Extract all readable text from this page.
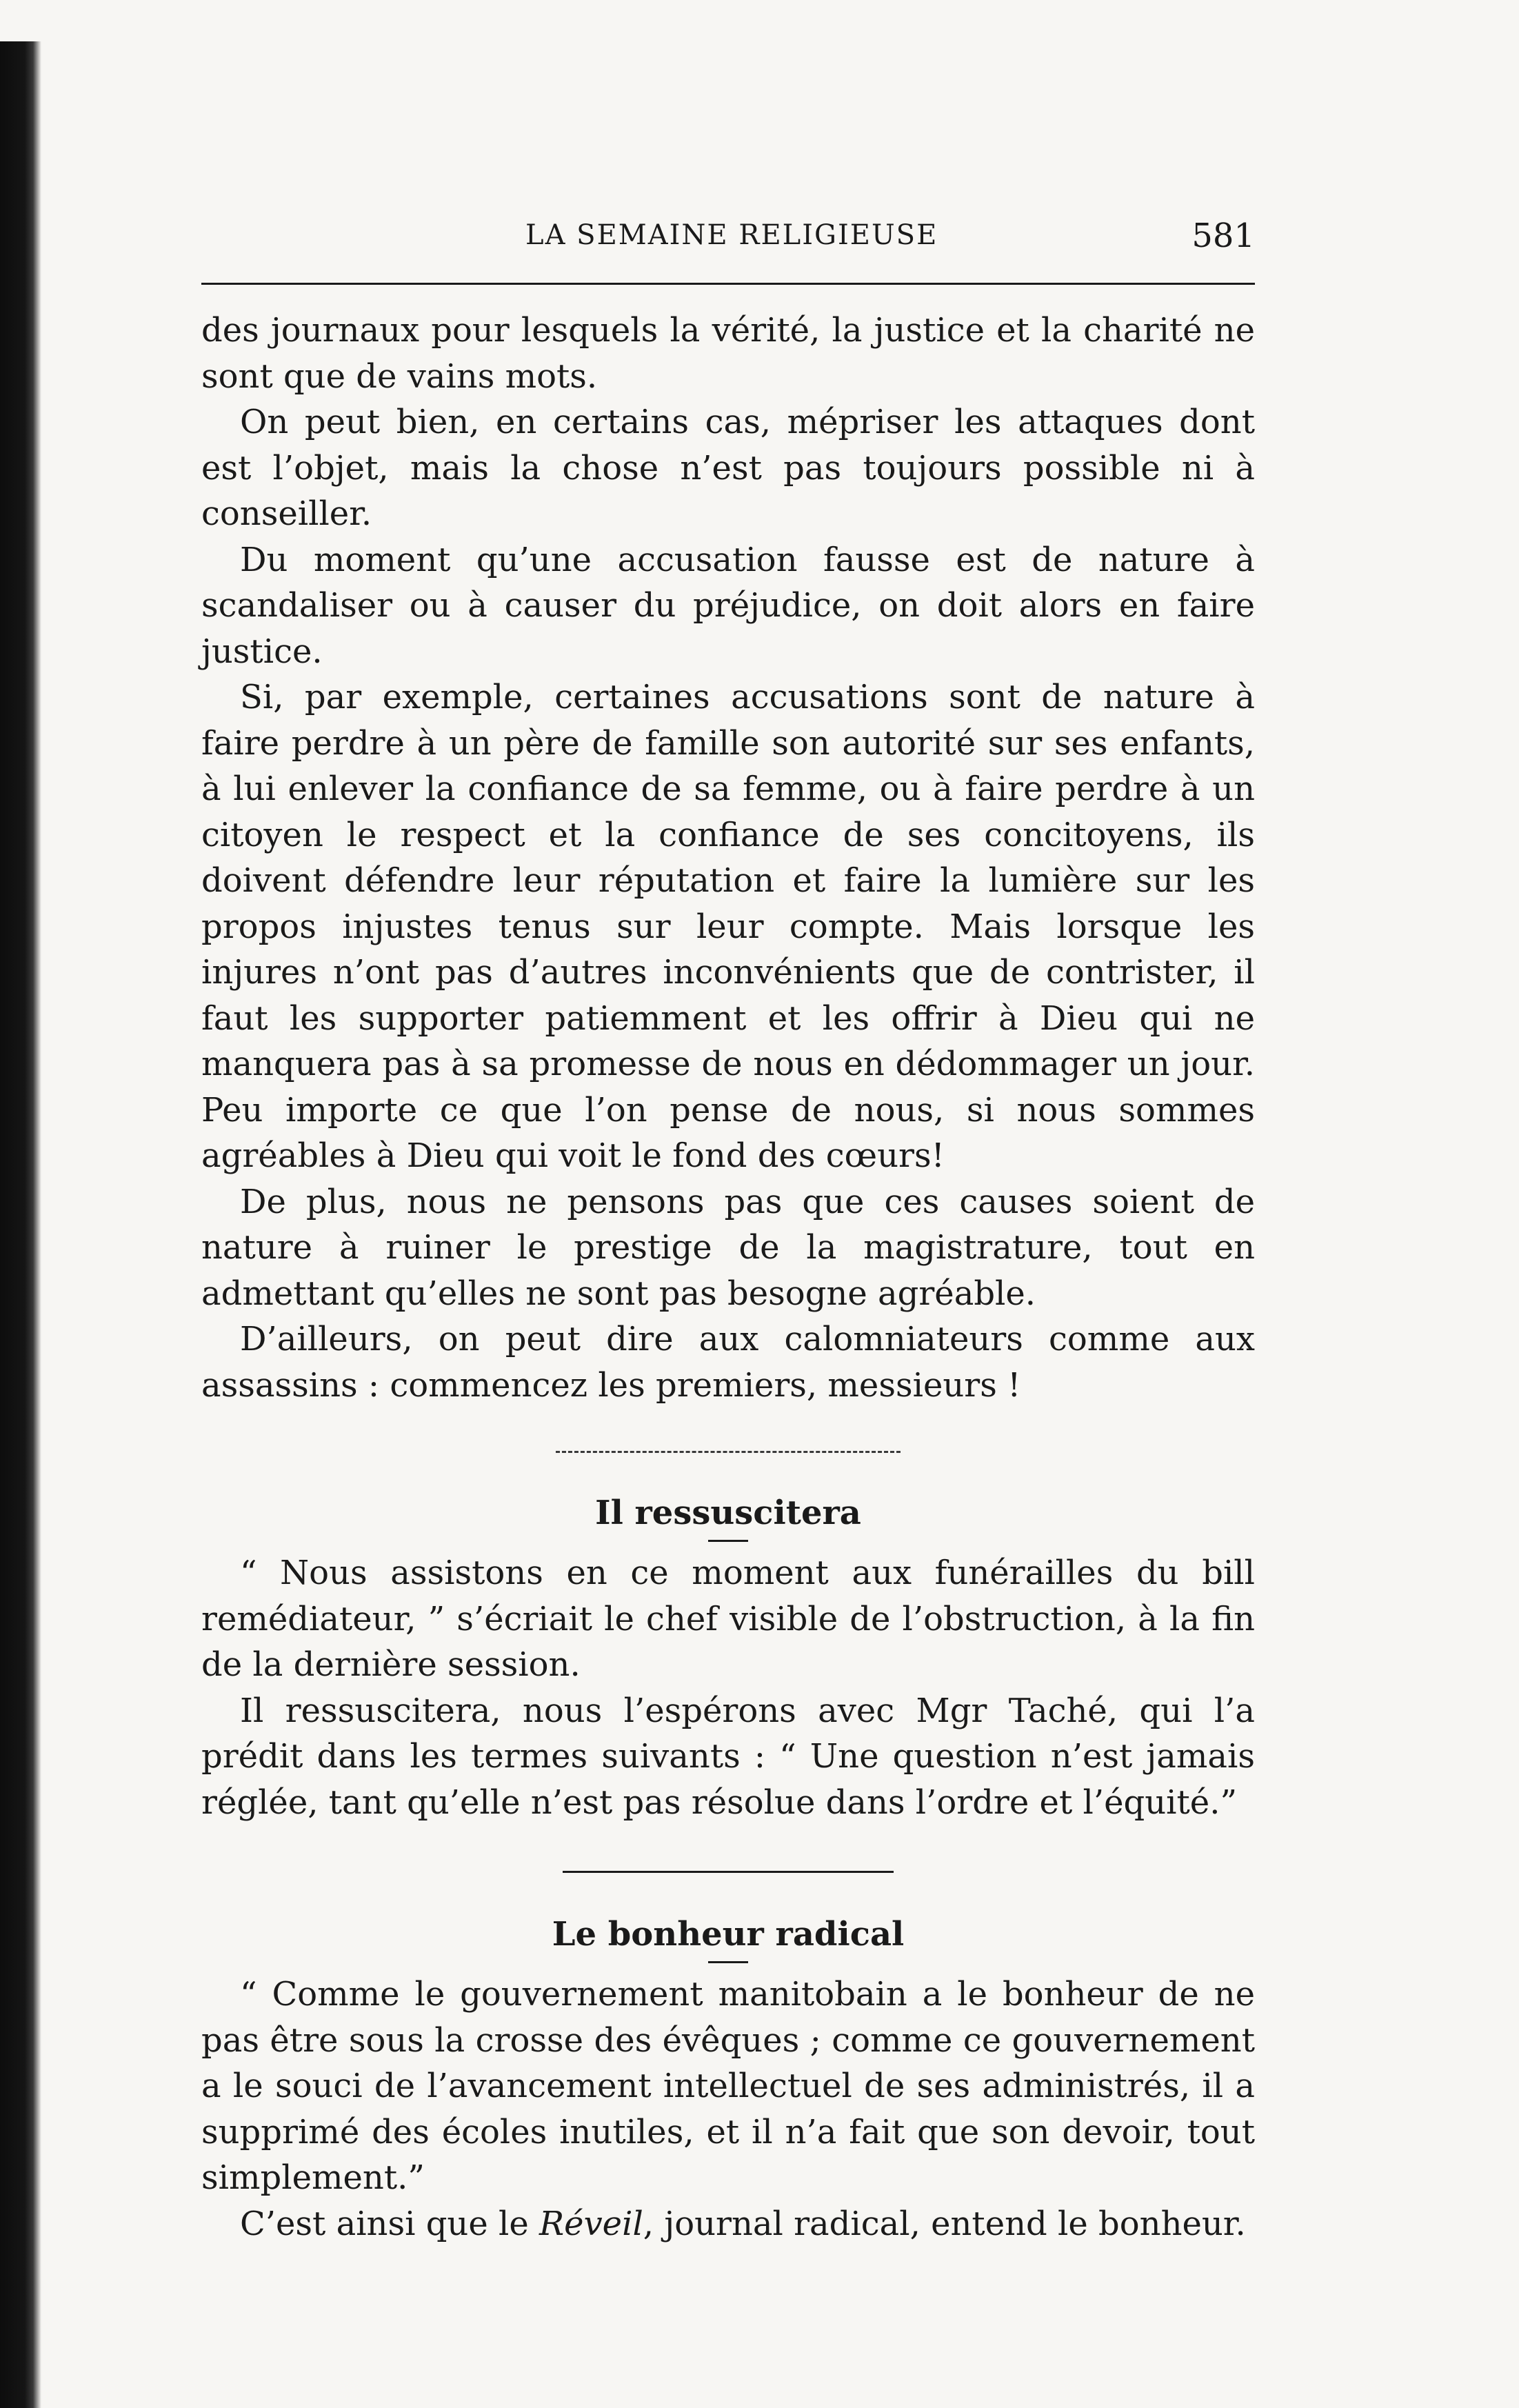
LA SEMAINE RELIGIEUSE	581

des journaux pour lesquels la vérité, la justice et la charité ne sont que de vains mots.

On peut bien, en certains cas, mépriser les attaques dont est l’objet, mais la chose n’est pas toujours possible ni à conseiller.

Du moment qu’une accusation fausse est de nature à scandaliser ou à causer du préjudice, on doit alors en faire justice.

Si, par exemple, certaines accusations sont de nature à faire perdre à un père de famille son autorité sur ses enfants, à lui enlever la confiance de sa femme, ou à faire perdre à un citoyen le respect et la confiance de ses concitoyens, ils doivent défendre leur réputation et faire la lumière sur les propos injustes tenus sur leur compte. Mais lorsque les injures n’ont pas d’autres inconvénients que de contrister, il faut les supporter patiemment et les offrir à Dieu qui ne manquera pas à sa promesse de nous en dédommager un jour. Peu importe ce que l’on pense de nous, si nous sommes agréables à Dieu qui voit le fond des cœurs!

De plus, nous ne pensons pas que ces causes soient de nature à ruiner le prestige de la magistrature, tout en admettant qu’elles ne sont pas besogne agréable.

D’ailleurs, on peut dire aux calomniateurs comme aux assassins : commencez les premiers, messieurs !

Il ressuscitera

“ Nous assistons en ce moment aux funérailles du bill remédiateur, ” s’écriait le chef visible de l’obstruction, à la fin de la dernière session.

Il ressuscitera, nous l’espérons avec Mgr Taché, qui l’a prédit dans les termes suivants : “ Une question n’est jamais réglée, tant qu’elle n’est pas résolue dans l’ordre et l’équité.”

Le bonheur radical

“ Comme le gouvernement manitobain a le bonheur de ne pas être sous la crosse des évêques ; comme ce gouvernement a le souci de l’avancement intellectuel de ses administrés, il a supprimé des écoles inutiles, et il n’a fait que son devoir, tout simplement.”

C’est ainsi que le Réveil, journal radical, entend le bonheur.
